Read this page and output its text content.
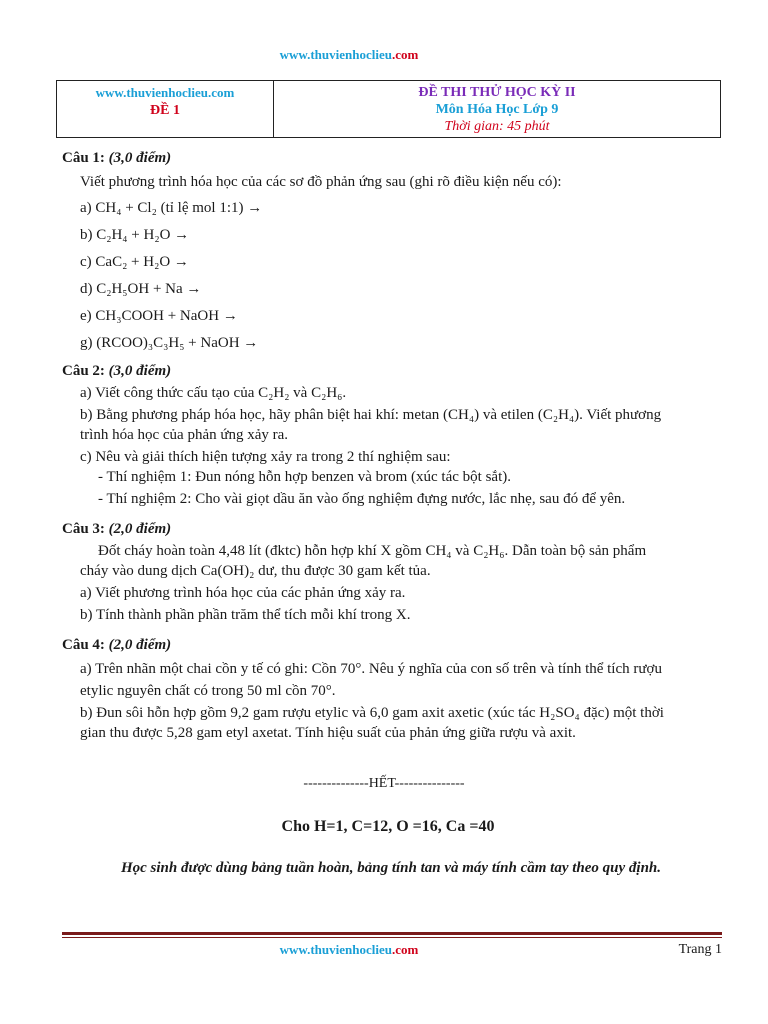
www.thuvienhoclieu.com
www.thuvienhoclieu.com
ĐỀ 1
ĐỀ THI THỬ HỌC KỲ II
Môn Hóa Học Lớp 9
Thời gian: 45 phút

Câu 1: (3,0 điểm)

Viết phương trình hóa học của các sơ đồ phản ứng sau (ghi rõ điều kiện nếu có):

a) CH₄ + Cl₂ (tỉ lệ mol 1:1) →

b) C₂H₄ + H₂O →

c) CaC₂ + H₂O →

d) C₂H₅OH + Na →

e) CH₃COOH + NaOH →

g) (RCOO)₃C₃H₅ + NaOH →

Câu 2: (3,0 điểm)

a) Viết công thức cấu tạo của C₂H₂ và C₂H₆.

b) Bằng phương pháp hóa học, hãy phân biệt hai khí: metan (CH₄) và etilen (C₂H₄). Viết phương

trình hóa học của phản ứng xảy ra.

c) Nêu và giải thích hiện tượng xảy ra trong 2 thí nghiệm sau:

- Thí nghiệm 1: Đun nóng hỗn hợp benzen và brom (xúc tác bột sắt).

- Thí nghiệm 2: Cho vài giọt dầu ăn vào ống nghiệm đựng nước, lắc nhẹ, sau đó để yên.

Câu 3: (2,0 điểm)

Đốt cháy hoàn toàn 4,48 lít (đktc) hỗn hợp khí X gồm CH₄ và C₂H₆. Dẫn toàn bộ sản phẩm

cháy vào dung dịch Ca(OH)₂ dư, thu được 30 gam kết tủa.

a) Viết phương trình hóa học của các phản ứng xảy ra.

b) Tính thành phần phần trăm thể tích mỗi khí trong X.

Câu 4: (2,0 điểm)

a) Trên nhãn một chai cồn y tế có ghi: Cồn 70°. Nêu ý nghĩa của con số trên và tính thể tích rượu

etylic nguyên chất có trong 50 ml cồn 70°.

b) Đun sôi hỗn hợp gồm 9,2 gam rượu etylic và 6,0 gam axit axetic (xúc tác H₂SO₄ đặc) một thời

gian thu được 5,28 gam etyl axetat. Tính hiệu suất của phản ứng giữa rượu và axit.

--------------HẾT---------------
Cho H=1, C=12, O =16, Ca =40
Học sinh được dùng bảng tuần hoàn, bảng tính tan và máy tính cầm tay theo quy định.
www.thuvienhoclieu.com	Trang 1
